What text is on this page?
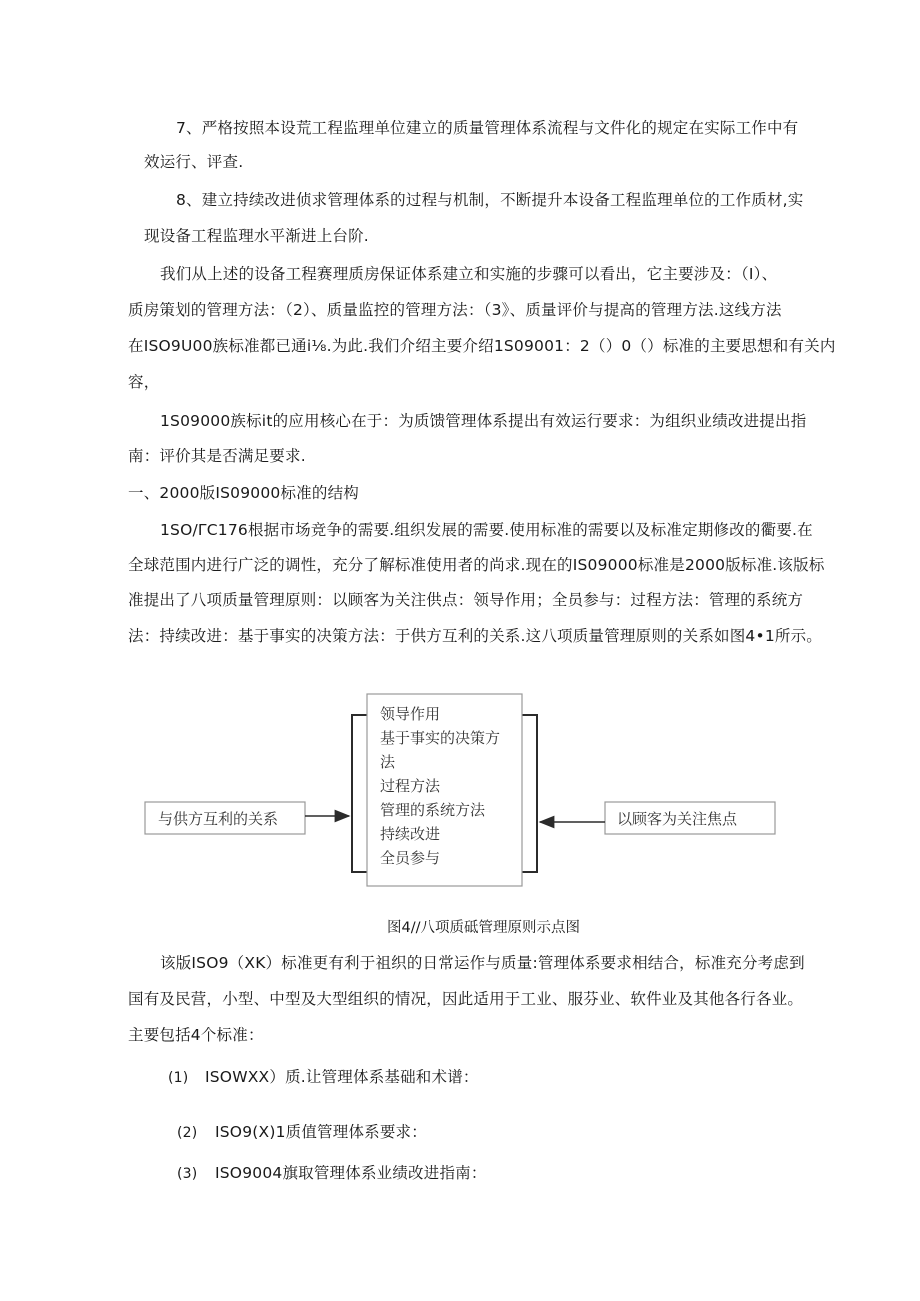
7、严格按照本设荒工程监理单位建立的质量管理体系流程与文件化的规定在实际工作中有
效运行、评查.
8、建立持续改进侦求管理体系的过程与机制，不断提升本设备工程监理单位的工作质材,实
现设备工程监理水平渐进上台阶.
我们从上述的设备工程赛理质房保证体系建立和实施的步骤可以看出，它主要涉及：（I）、
质房策划的管理方法：（2）、质量监控的管理方法：（3》、质量评价与提高的管理方法.这线方法
在ISO9U00族标准都已通i⅛.为此.我们介绍主要介绍1S09001：2（）0（）标准的主要思想和有关内
容，
1S09000族标it的应用核心在于：为质馈管理体系提出有效运行要求：为组织业绩改进提出指
南：评价其是否满足要求.
一、2000版IS09000标准的结构
1SO/ΓC176根据市场竞争的需要.组织发展的需要.使用标准的需要以及标准定期修改的衢要.在
全球范围内进行广泛的调性，充分了解标准使用者的尚求.现在的IS09000标准是2000版标准.该版标
准提出了八项质量管理原则：以顾客为关注供点：领导作用；全员参与：过程方法：管理的系统方
法：持续改进：基于事实的决策方法：于供方互利的关系.这八项质量管理原则的关系如图4•1所示。
领导作用
基于事实的决策方
法
过程方法
管理的系统方法
持续改进
全员参与
与供方互利的关系	以顾客为关注焦点
图4//八项质砥管理原则示点图
该版ISO9（XK）标准更有利于祖织的日常运作与质量:管理体系要求相结合，标准充分考虑到
国有及民营，小型、中型及大型组织的情况，因此适用于工业、服芬业、软件业及其他各行各业。
主要包括4个标准：
(1) ISOWXX）质.让管理体系基础和术谱：
(2) ISO9(X)1质值管理体系要求：
(3) ISO9004旗取管理体系业绩改进指南：
